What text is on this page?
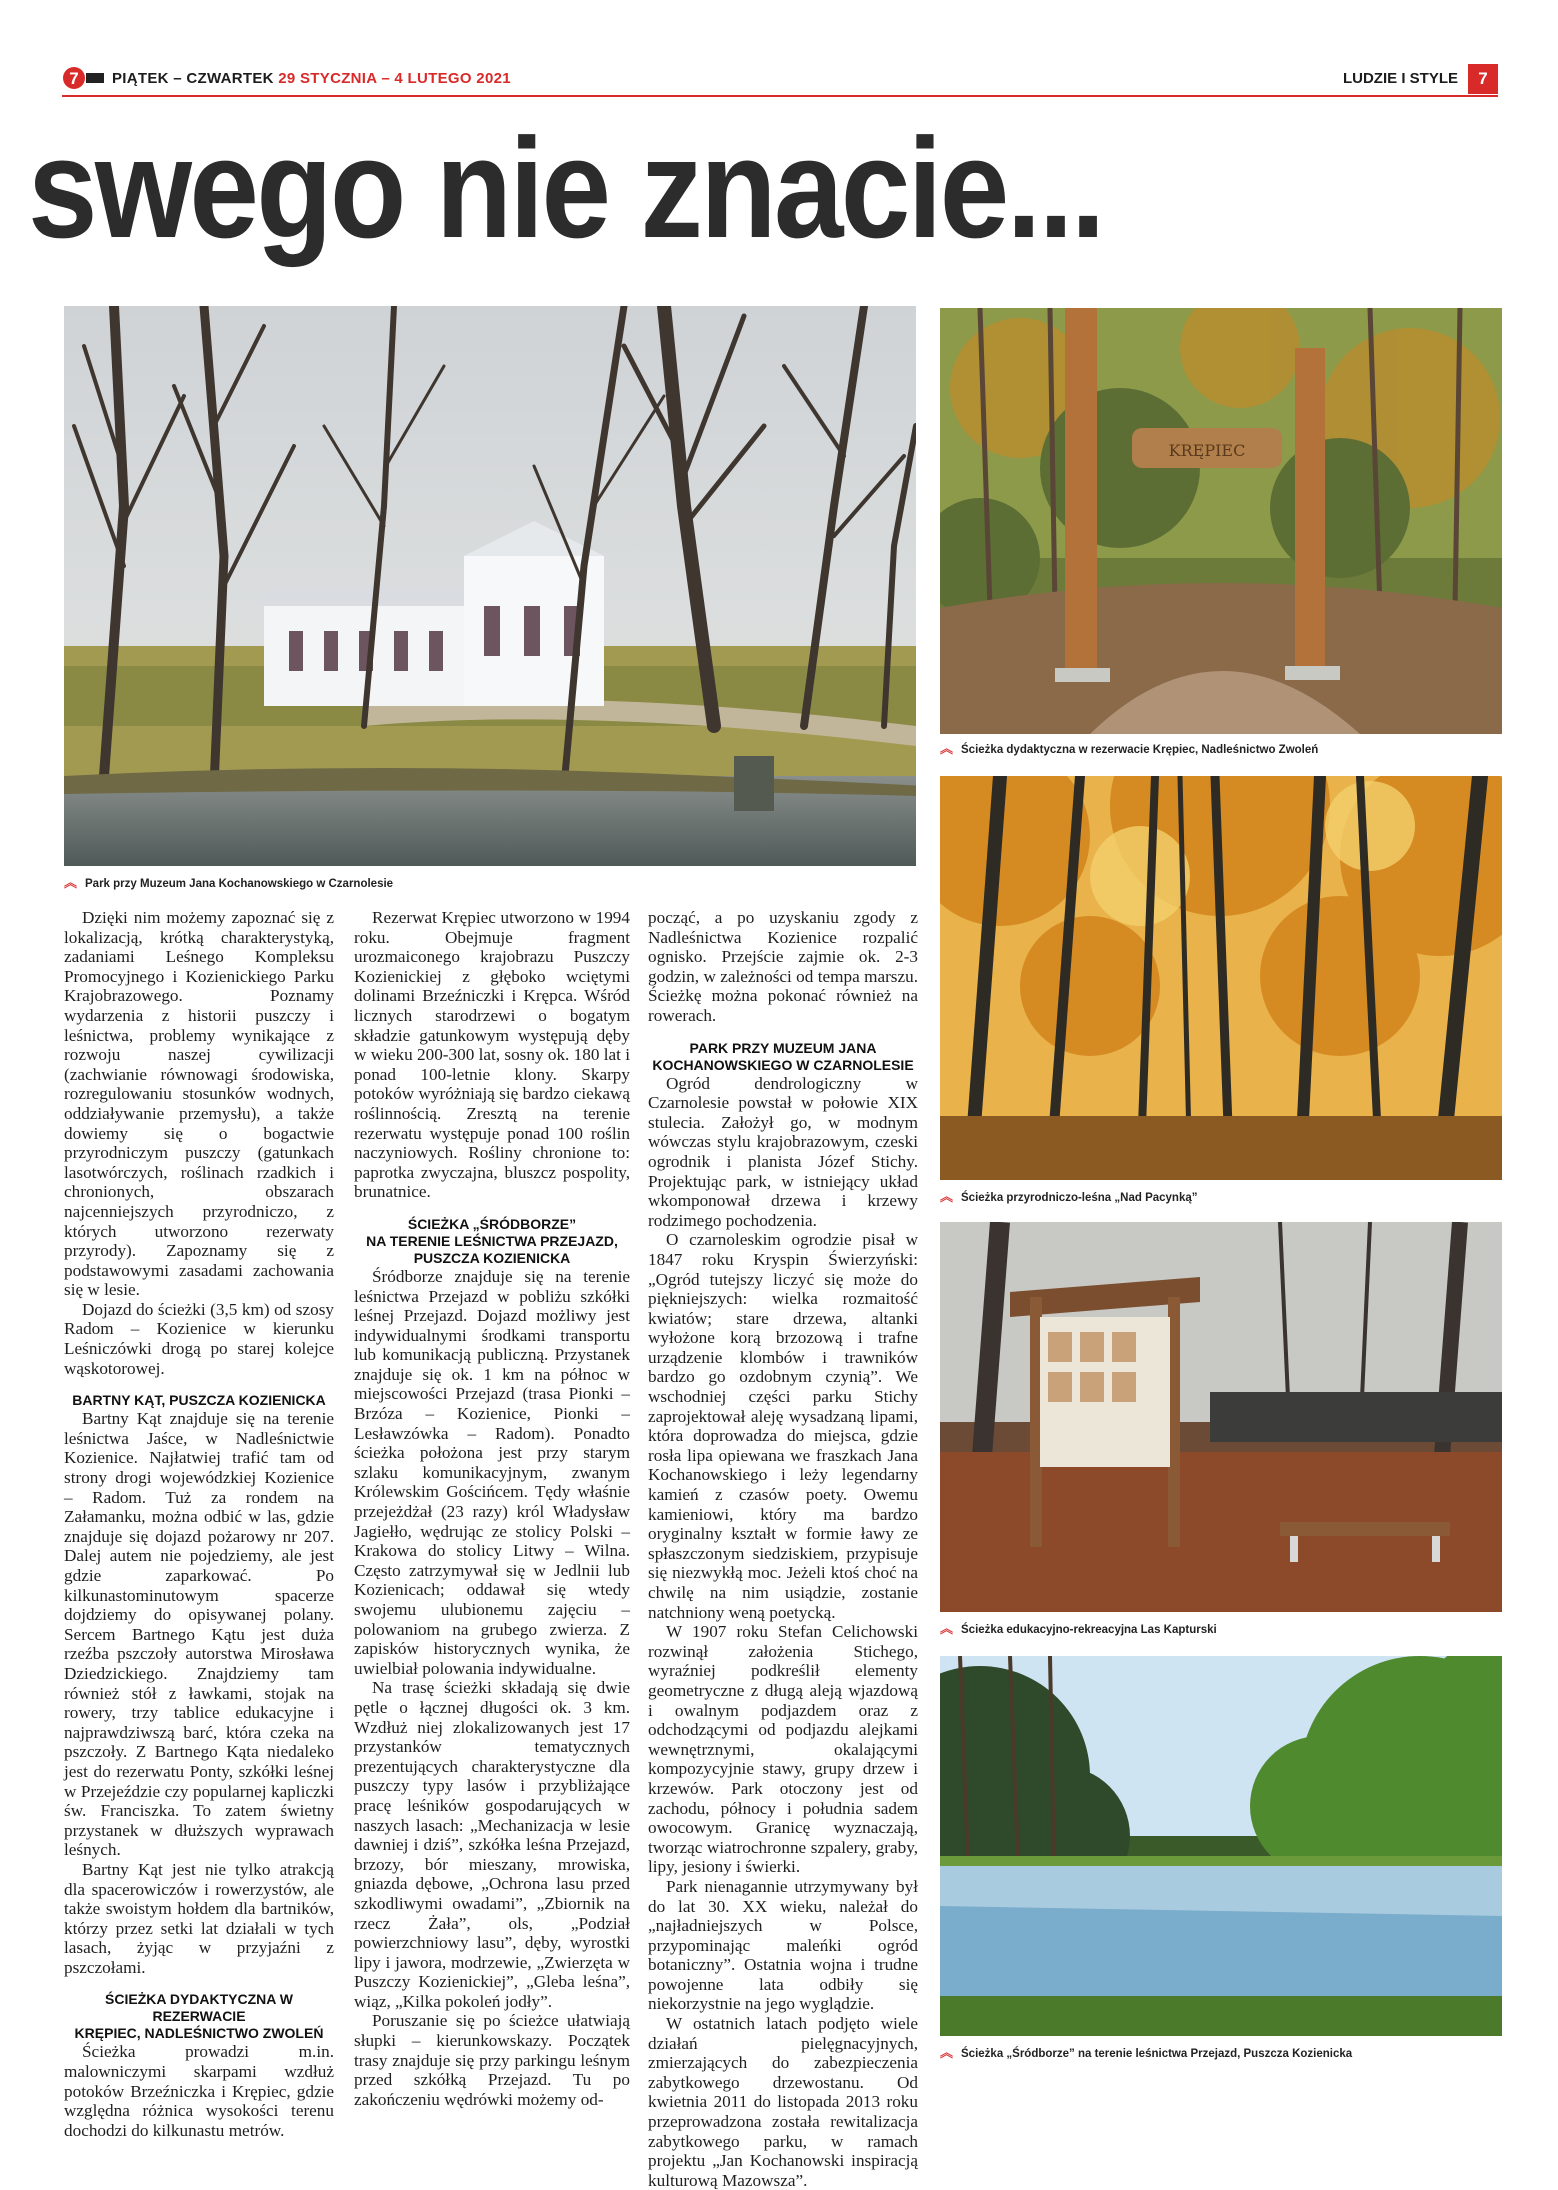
7 PIĄTEK – CZWARTEK 29 STYCZNIA – 4 LUTEGO 2021	LUDZIE I STYLE	7
swego nie znacie...
︽ Park przy Muzeum Jana Kochanowskiego w Czarnolesie
KRĘPIEC
︽ Ścieżka dydaktyczna w rezerwacie Krępiec, Nadleśnictwo Zwoleń
︽ Ścieżka przyrodniczo-leśna „Nad Pacynką”
︽ Ścieżka edukacyjno-rekreacyjna Las Kapturski
︽ Ścieżka „Śródborze” na terenie leśnictwa Przejazd, Puszcza Kozienicka

Dzięki nim możemy zapoznać się z lokalizacją, krótką charakterystyką, zadaniami Leśnego Kompleksu Promocyjnego i Kozienickiego Parku Krajobrazowego. Poznamy wydarzenia z historii puszczy i leśnictwa, problemy wynikające z rozwoju naszej cywilizacji (zachwianie równowagi środowiska, rozregulowaniu stosunków wodnych, oddziaływanie przemysłu), a także dowiemy się o bogactwie przyrodniczym puszczy (gatunkach lasotwórczych, roślinach rzadkich i chronionych, obszarach najcenniejszych przyrodniczo, z których utworzono rezerwaty przyrody). Zapoznamy się z podstawowymi zasadami zachowania się w lesie.

Dojazd do ścieżki (3,5 km) od szosy Radom – Kozienice w kierunku Leśniczówki drogą po starej kolejce wąskotorowej.

BARTNY KĄT, PUSZCZA KOZIENICKA

Bartny Kąt znajduje się na terenie leśnictwa Jaśce, w Nadleśnictwie Kozienice. Najłatwiej trafić tam od strony drogi wojewódzkiej Kozienice – Radom. Tuż za rondem na Załamanku, można odbić w las, gdzie znajduje się dojazd pożarowy nr 207. Dalej autem nie pojedziemy, ale jest gdzie zaparkować. Po kilkunastominutowym spacerze dojdziemy do opisywanej polany. Sercem Bartnego Kątu jest duża rzeźba pszczoły autorstwa Mirosława Dziedzickiego. Znajdziemy tam również stół z ławkami, stojak na rowery, trzy tablice edukacyjne i najprawdziwszą barć, która czeka na pszczoły. Z Bartnego Kąta niedaleko jest do rezerwatu Ponty, szkółki leśnej w Przejeździe czy popularnej kapliczki św. Franciszka. To zatem świetny przystanek w dłuższych wyprawach leśnych.

Bartny Kąt jest nie tylko atrakcją dla spacerowiczów i rowerzystów, ale także swoistym hołdem dla bartników, którzy przez setki lat działali w tych lasach, żyjąc w przyjaźni z pszczołami.

ŚCIEŻKA DYDAKTYCZNA W REZERWACIE
KRĘPIEC, NADLEŚNICTWO ZWOLEŃ

Ścieżka prowadzi m.in. malowniczymi skarpami wzdłuż potoków Brzeźniczka i Krępiec, gdzie względna różnica wysokości terenu dochodzi do kilkunastu metrów.

Rezerwat Krępiec utworzono w 1994 roku. Obejmuje fragment urozmaiconego krajobrazu Puszczy Kozienickiej z głęboko wciętymi dolinami Brzeźniczki i Krępca. Wśród licznych starodrzewi o bogatym składzie gatunkowym występują dęby w wieku 200-300 lat, sosny ok. 180 lat i ponad 100-letnie klony. Skarpy potoków wyróżniają się bardzo ciekawą roślinnością. Zresztą na terenie rezerwatu występuje ponad 100 roślin naczyniowych. Rośliny chronione to: paprotka zwyczajna, bluszcz pospolity, brunatnice.

ŚCIEŻKA „ŚRÓDBORZE”
NA TERENIE LEŚNICTWA PRZEJAZD,
PUSZCZA KOZIENICKA

Śródborze znajduje się na terenie leśnictwa Przejazd w pobliżu szkółki leśnej Przejazd. Dojazd możliwy jest indywidualnymi środkami transportu lub komunikacją publiczną. Przystanek znajduje się ok. 1 km na północ w miejscowości Przejazd (trasa Pionki – Brzóza – Kozienice, Pionki – Lesławzówka – Radom). Ponadto ścieżka położona jest przy starym szlaku komunikacyjnym, zwanym Królewskim Gościńcem. Tędy właśnie przejeżdżał (23 razy) król Władysław Jagiełło, wędrując ze stolicy Polski – Krakowa do stolicy Litwy – Wilna. Często zatrzymywał się w Jedlnii lub Kozienicach; oddawał się wtedy swojemu ulubionemu zajęciu – polowaniom na grubego zwierza. Z zapisków historycznych wynika, że uwielbiał polowania indywidualne.

Na trasę ścieżki składają się dwie pętle o łącznej długości ok. 3 km. Wzdłuż niej zlokalizowanych jest 17 przystanków tematycznych prezentujących charakterystyczne dla puszczy typy lasów i przybliżające pracę leśników gospodarujących w naszych lasach: „Mechanizacja w lesie dawniej i dziś”, szkółka leśna Przejazd, brzozy, bór mieszany, mrowiska, gniazda dębowe, „Ochrona lasu przed szkodliwymi owadami”, „Zbiornik na rzecz Żała”, ols, „Podział powierzchniowy lasu”, dęby, wyrostki lipy i jawora, modrzewie, „Zwierzęta w Puszczy Kozienickiej”, „Gleba leśna”, wiąz, „Kilka pokoleń jodły”.

Poruszanie się po ścieżce ułatwiają słupki – kierunkowskazy. Początek trasy znajduje się przy parkingu leśnym przed szkółką Przejazd. Tu po zakończeniu wędrówki możemy od-

począć, a po uzyskaniu zgody z Nadleśnictwa Kozienice rozpalić ognisko. Przejście zajmie ok. 2-3 godzin, w zależności od tempa marszu. Ścieżkę można pokonać również na rowerach.

PARK PRZY MUZEUM JANA
KOCHANOWSKIEGO W CZARNOLESIE

Ogród dendrologiczny w Czarnolesie powstał w połowie XIX stulecia. Założył go, w modnym wówczas stylu krajobrazowym, czeski ogrodnik i planista Józef Stichy. Projektując park, w istniejący układ wkomponował drzewa i krzewy rodzimego pochodzenia.

O czarnoleskim ogrodzie pisał w 1847 roku Kryspin Świerzyński: „Ogród tutejszy liczyć się może do piękniejszych: wielka rozmaitość kwiatów; stare drzewa, altanki wyłożone korą brzozową i trafne urządzenie klombów i trawników bardzo go ozdobnym czynią”. We wschodniej części parku Stichy zaprojektował aleję wysadzaną lipami, która doprowadza do miejsca, gdzie rosła lipa opiewana we fraszkach Jana Kochanowskiego i leży legendarny kamień z czasów poety. Owemu kamieniowi, który ma bardzo oryginalny kształt w formie ławy ze spłaszczonym siedziskiem, przypisuje się niezwykłą moc. Jeżeli ktoś choć na chwilę na nim usiądzie, zostanie natchniony weną poetycką.

W 1907 roku Stefan Celichowski rozwinął założenia Stichego, wyraźniej podkreślił elementy geometryczne z długą aleją wjazdową i owalnym podjazdem oraz z odchodzącymi od podjazdu alejkami wewnętrznymi, okalającymi kompozycyjnie stawy, grupy drzew i krzewów. Park otoczony jest od zachodu, północy i południa sadem owocowym. Granicę wyznaczają, tworząc wiatrochronne szpalery, graby, lipy, jesiony i świerki.

Park nienagannie utrzymywany był do lat 30. XX wieku, należał do „najładniejszych w Polsce, przypominając maleńki ogród botaniczny”. Ostatnia wojna i trudne powojenne lata odbiły się niekorzystnie na jego wyglądzie.

W ostatnich latach podjęto wiele działań pielęgnacyjnych, zmierzających do zabezpieczenia zabytkowego drzewostanu. Od kwietnia 2011 do listopada 2013 roku przeprowadzona została rewitalizacja zabytkowego parku, w ramach projektu „Jan Kochanowski inspiracją kulturową Mazowsza”.
